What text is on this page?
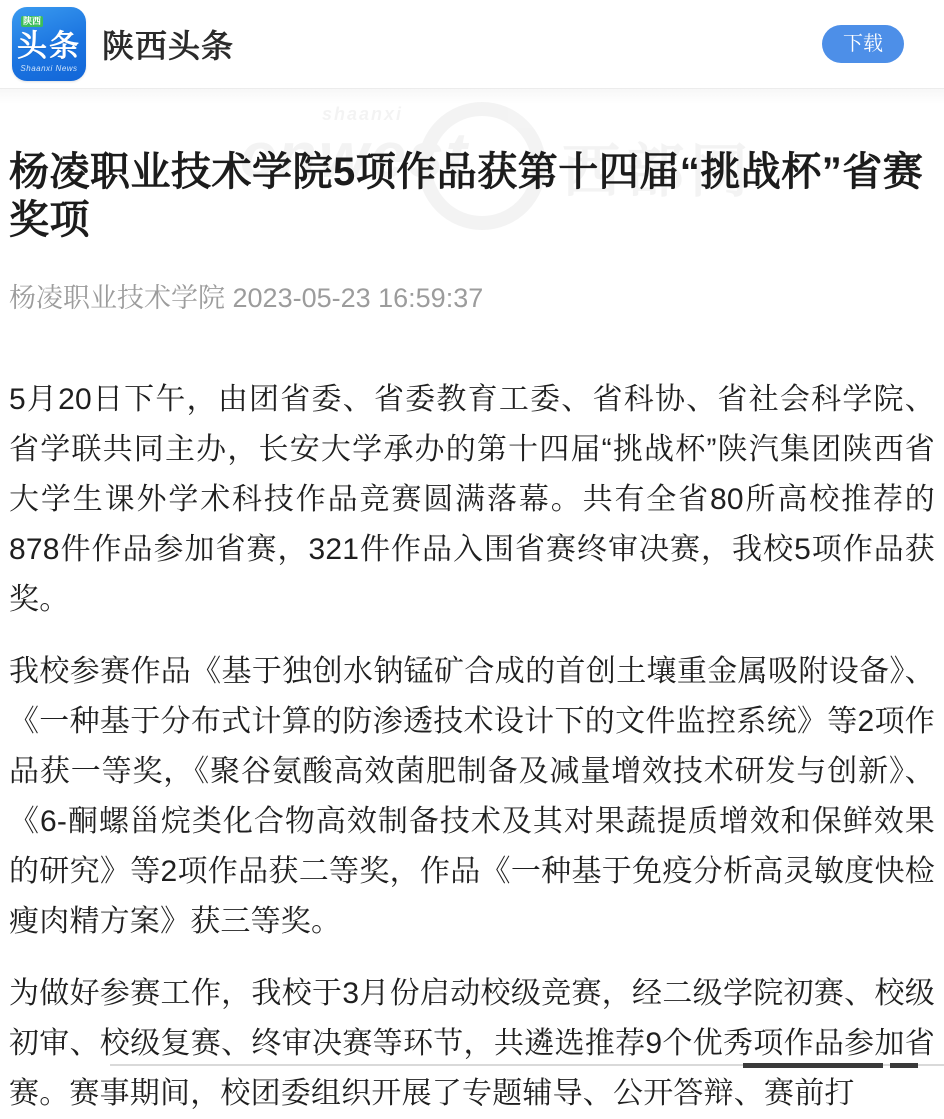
陕西
头条
Shaanxi News
陕西头条	下载
杨凌职业技术学院5项作品获第十四届“挑战杯”省赛奖项
杨凌职业技术学院 2023-05-23 16:59:37

5月20日下午，由团省委、省委教育工委、省科协、省社会科学院、省学联共同主办，长安大学承办的第十四届“挑战杯”陕汽集团陕西省大学生课外学术科技作品竞赛圆满落幕。共有全省80所高校推荐的878件作品参加省赛，321件作品入围省赛终审决赛，我校5项作品获奖。

我校参赛作品《基于独创水钠锰矿合成的首创土壤重金属吸附设备》、《一种基于分布式计算的防渗透技术设计下的文件监控系统》等2项作品获一等奖，《聚谷氨酸高效菌肥制备及减量增效技术研发与创新》、《6-酮螺甾烷类化合物高效制备技术及其对果蔬提质增效和保鲜效果的研究》等2项作品获二等奖，作品《一种基于免疫分析高灵敏度快检瘦肉精方案》获三等奖。

为做好参赛工作，我校于3月份启动校级竞赛，经二级学院初赛、校级初审、校级复赛、终审决赛等环节，共遴选推荐9个优秀项作品参加省赛。赛事期间，校团委组织开展了专题辅导、公开答辩、赛前打
